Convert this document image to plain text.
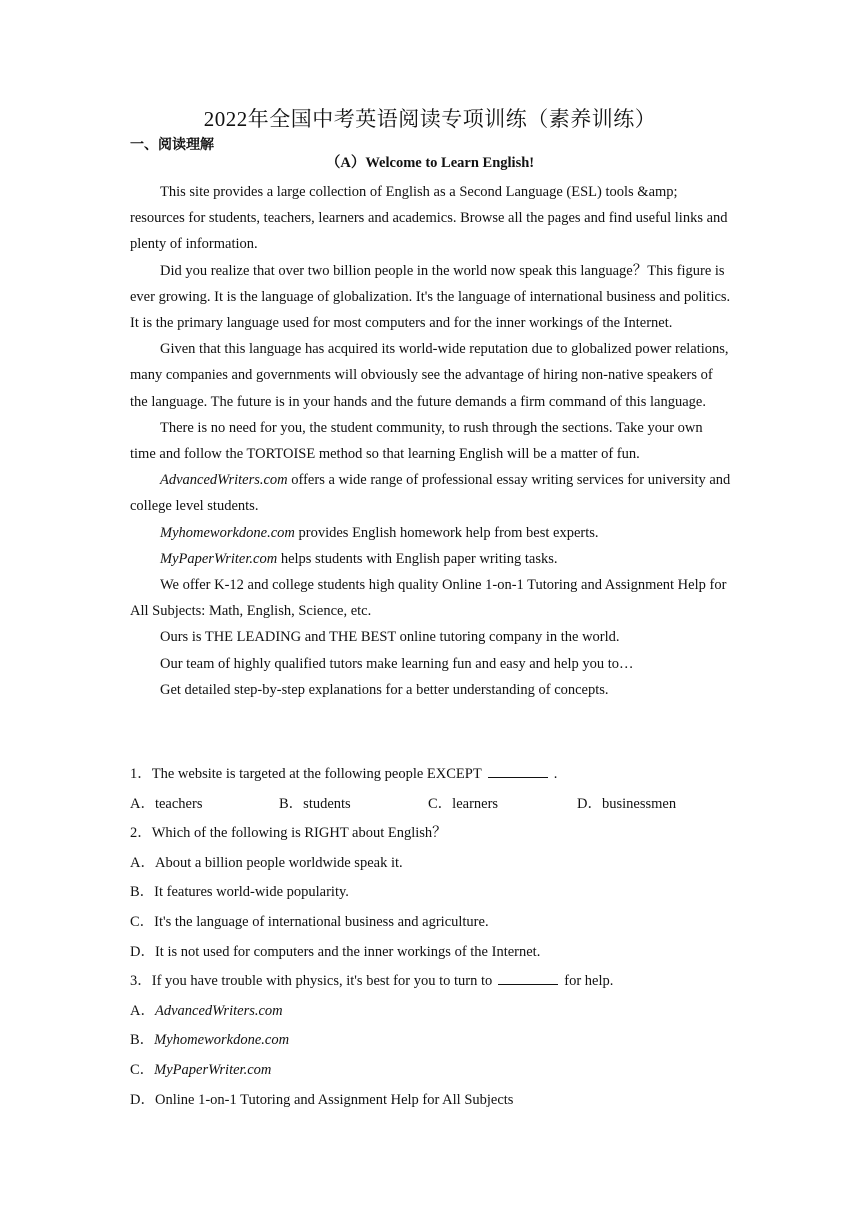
2022年全国中考英语阅读专项训练（素养训练）
一、阅读理解
（A）Welcome to Learn English!

This site provides a large collection of English as a Second Language (ESL) tools &amp; resources for students, teachers, learners and academics. Browse all the pages and find useful links and plenty of information.

Did you realize that over two billion people in the world now speak this language？This figure is ever growing. It is the language of globalization. It's the language of international business and politics. It is the primary language used for most computers and for the inner workings of the Internet.

Given that this language has acquired its world-wide reputation due to globalized power relations, many companies and governments will obviously see the advantage of hiring non-native speakers of the language. The future is in your hands and the future demands a firm command of this language.

There is no need for you, the student community, to rush through the sections. Take your own time and follow the TORTOISE method so that learning English will be a matter of fun.

AdvancedWriters.com offers a wide range of professional essay writing services for university and college level students.

Myhomeworkdone.com provides English homework help from best experts.

MyPaperWriter.com helps students with English paper writing tasks.

We offer K-12 and college students high quality Online 1-on-1 Tutoring and Assignment Help for All Subjects: Math, English, Science, etc.

Ours is THE LEADING and THE BEST online tutoring company in the world.

Our team of highly qualified tutors make learning fun and easy and help you to…

Get detailed step-by-step explanations for a better understanding of concepts.

1．The website is targeted at the following people EXCEPT	.
A．teachers	B．students	C．learners	D．businessmen
2．Which of the following is RIGHT about English？
A．About a billion people worldwide speak it.
B．It features world-wide popularity.
C．It's the language of international business and agriculture.
D．It is not used for computers and the inner workings of the Internet.
3．If you have trouble with physics, it's best for you to turn to	for help.
A．AdvancedWriters.com
B．Myhomeworkdone.com
C．MyPaperWriter.com
D．Online 1-on-1 Tutoring and Assignment Help for All Subjects
